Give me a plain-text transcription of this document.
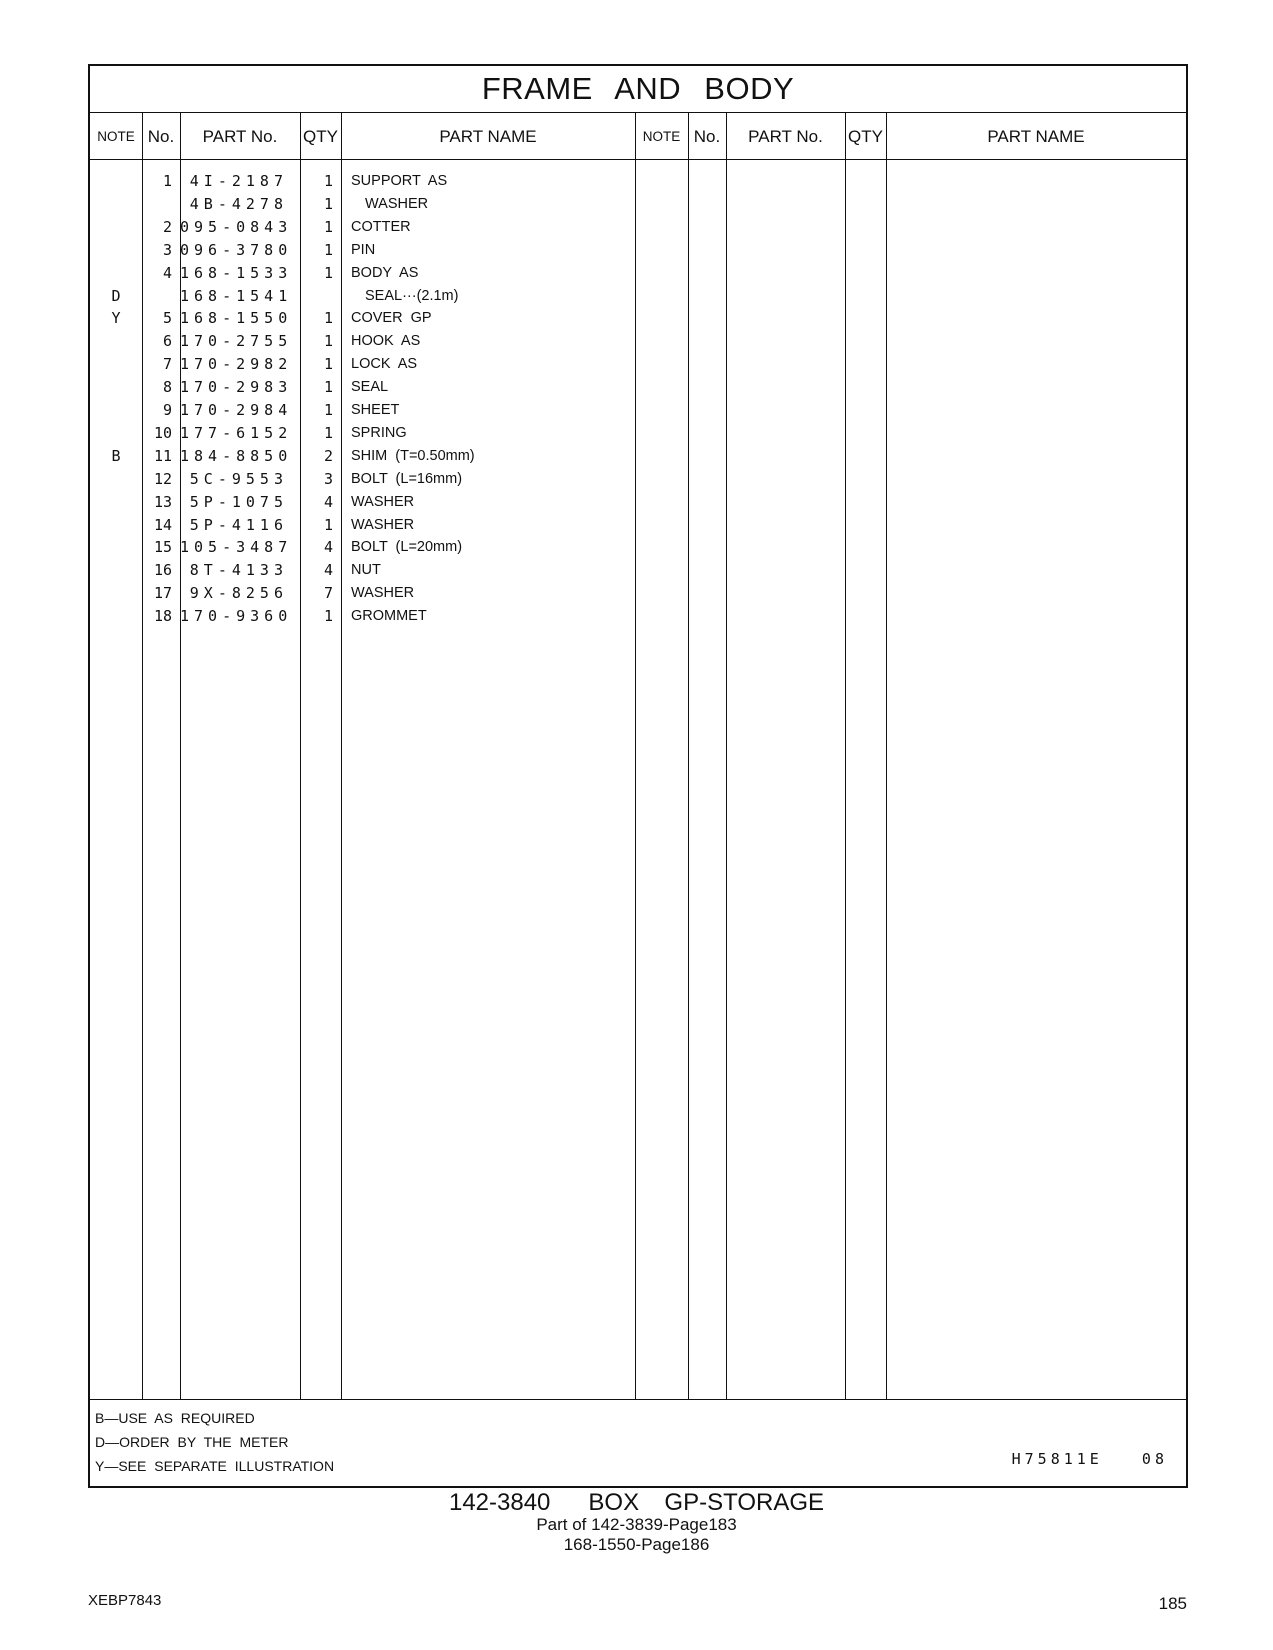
FRAME AND BODY
NOTE No.	PART No.	QTY	PART NAME	NOTE No.	PART No.	QTY	PART NAME
1	4I-2187	1 SUPPORT AS
4B-4278	1 WASHER
2 095-0843	1 COTTER
3 096-3780	1 PIN
4 168-1533	1 BODY AS
D	168-1541	SEAL···(2.1m)
Y	5 168-1550	1 COVER GP
6 170-2755	1 HOOK AS
7 170-2982	1 LOCK AS
8 170-2983	1 SEAL
9 170-2984	1 SHEET
10 177-6152	1 SPRING
B	11 184-8850	2 SHIM (T=0.50mm)
12	5C-9553	3 BOLT (L=16mm)
13	5P-1075	4 WASHER
14	5P-4116	1 WASHER
15 105-3487	4 BOLT (L=20mm)
16	8T-4133	4 NUT
17	9X-8256	7 WASHER
18 170-9360	1 GROMMET
B—USE AS REQUIRED
D—ORDER BY THE METER
Y—SEE SEPARATE ILLUSTRATION	H75811E   08
142-3840   BOX  GP-STORAGE
Part of 142-3839-Page183
168-1550-Page186
XEBP7843	185
